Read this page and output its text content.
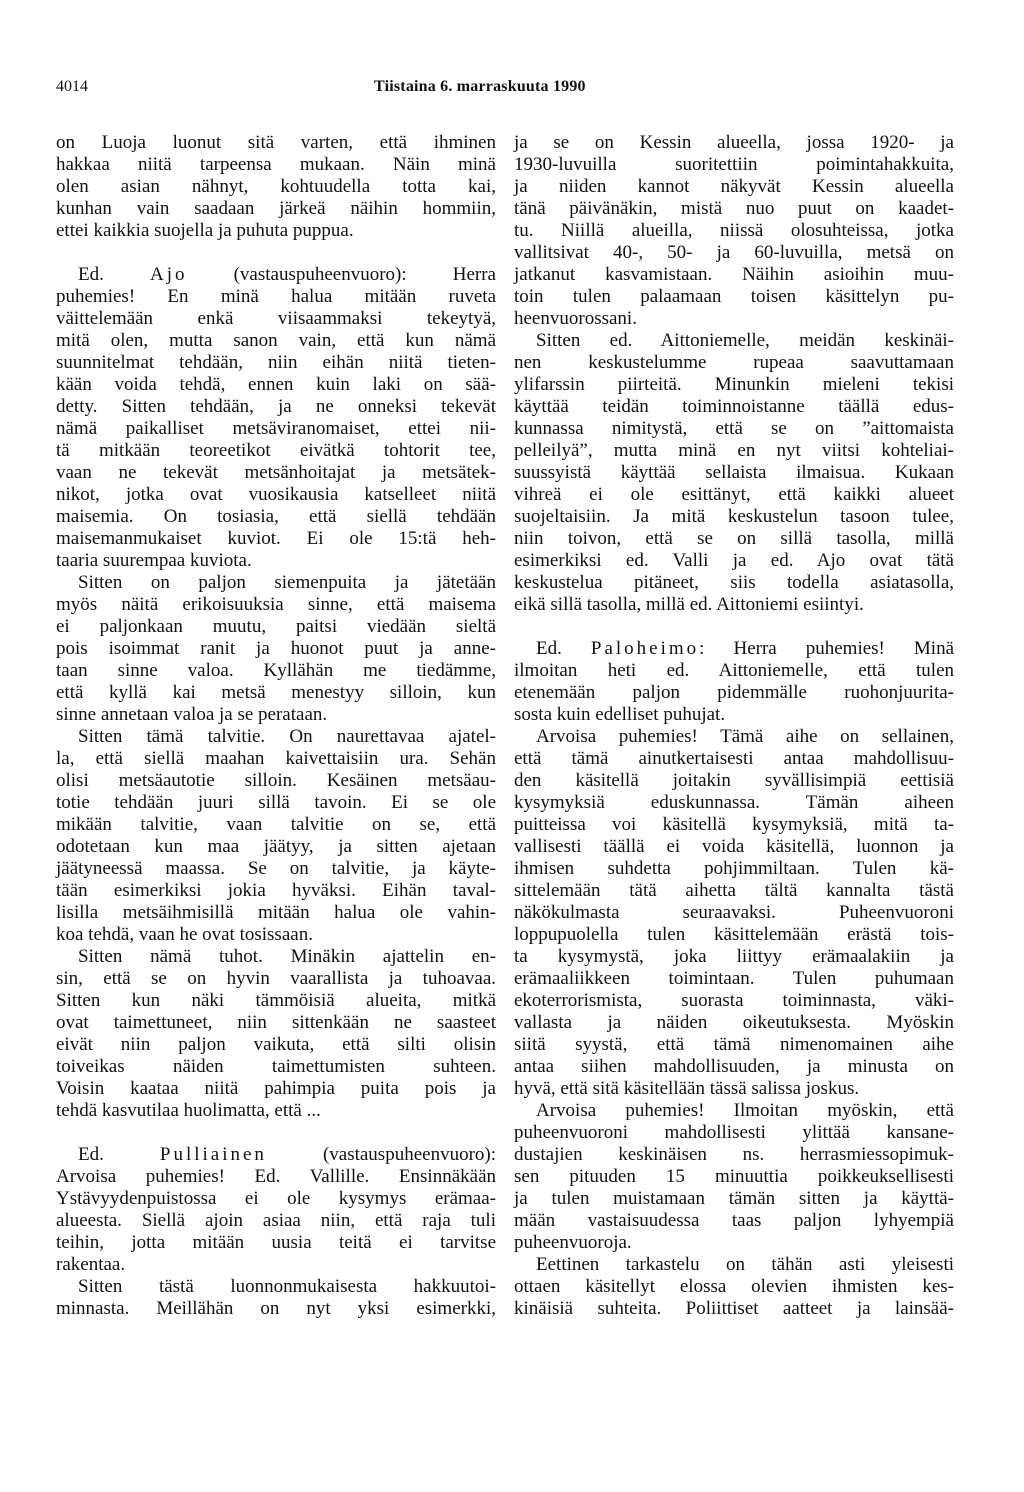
4014	Tiistaina 6. marraskuuta 1990
on Luoja luonut sitä varten, että ihminen
hakkaa niitä tarpeensa mukaan. Näin minä
olen asian nähnyt, kohtuudella totta kai,
kunhan vain saadaan järkeä näihin hommiin,
ettei kaikkia suojella ja puhuta puppua.
Ed. Ajo (vastauspuheenvuoro): Herra
puhemies! En minä halua mitään ruveta
väittelemään enkä viisaammaksi tekeytyä,
mitä olen, mutta sanon vain, että kun nämä
suunnitelmat tehdään, niin eihän niitä tieten-
kään voida tehdä, ennen kuin laki on sää-
detty. Sitten tehdään, ja ne onneksi tekevät
nämä paikalliset metsäviranomaiset, ettei nii-
tä mitkään teoreetikot eivätkä tohtorit tee,
vaan ne tekevät metsänhoitajat ja metsätek-
nikot, jotka ovat vuosikausia katselleet niitä
maisemia. On tosiasia, että siellä tehdään
maisemanmukaiset kuviot. Ei ole 15:tä heh-
taaria suurempaa kuviota.
Sitten on paljon siemenpuita ja jätetään
myös näitä erikoisuuksia sinne, että maisema
ei paljonkaan muutu, paitsi viedään sieltä
pois isoimmat ranit ja huonot puut ja anne-
taan sinne valoa. Kyllähän me tiedämme,
että kyllä kai metsä menestyy silloin, kun
sinne annetaan valoa ja se perataan.
Sitten tämä talvitie. On naurettavaa ajatel-
la, että siellä maahan kaivettaisiin ura. Sehän
olisi metsäautotie silloin. Kesäinen metsäau-
totie tehdään juuri sillä tavoin. Ei se ole
mikään talvitie, vaan talvitie on se, että
odotetaan kun maa jäätyy, ja sitten ajetaan
jäätyneessä maassa. Se on talvitie, ja käyte-
tään esimerkiksi jokia hyväksi. Eihän taval-
lisilla metsäihmisillä mitään halua ole vahin-
koa tehdä, vaan he ovat tosissaan.
Sitten nämä tuhot. Minäkin ajattelin en-
sin, että se on hyvin vaarallista ja tuhoavaa.
Sitten kun näki tämmöisiä alueita, mitkä
ovat taimettuneet, niin sittenkään ne saasteet
eivät niin paljon vaikuta, että silti olisin
toiveikas näiden taimettumisten suhteen.
Voisin kaataa niitä pahimpia puita pois ja
tehdä kasvutilaa huolimatta, että ...
Ed. Pulliainen (vastauspuheenvuoro):
Arvoisa puhemies! Ed. Vallille. Ensinnäkään
Ystävyydenpuistossa ei ole kysymys erämaa-
alueesta. Siellä ajoin asiaa niin, että raja tuli
teihin, jotta mitään uusia teitä ei tarvitse
rakentaa.
Sitten tästä luonnonmukaisesta hakkuutoi-
minnasta. Meillähän on nyt yksi esimerkki,
ja se on Kessin alueella, jossa 1920- ja
1930-luvuilla suoritettiin poimintahakkuita,
ja niiden kannot näkyvät Kessin alueella
tänä päivänäkin, mistä nuo puut on kaadet-
tu. Niillä alueilla, niissä olosuhteissa, jotka
vallitsivat 40-, 50- ja 60-luvuilla, metsä on
jatkanut kasvamistaan. Näihin asioihin muu-
toin tulen palaamaan toisen käsittelyn pu-
heenvuorossani.
Sitten ed. Aittoniemelle, meidän keskinäi-
nen keskustelumme rupeaa saavuttamaan
ylifarssin piirteitä. Minunkin mieleni tekisi
käyttää teidän toiminnoistanne täällä edus-
kunnassa nimitystä, että se on ”aittomaista
pelleilyä”, mutta minä en nyt viitsi kohteliai-
suussyistä käyttää sellaista ilmaisua. Kukaan
vihreä ei ole esittänyt, että kaikki alueet
suojeltaisiin. Ja mitä keskustelun tasoon tulee,
niin toivon, että se on sillä tasolla, millä
esimerkiksi ed. Valli ja ed. Ajo ovat tätä
keskustelua pitäneet, siis todella asiatasolla,
eikä sillä tasolla, millä ed. Aittoniemi esiintyi.
Ed. Paloheimo: Herra puhemies! Minä
ilmoitan heti ed. Aittoniemelle, että tulen
etenemään paljon pidemmälle ruohonjuurita-
sosta kuin edelliset puhujat.
Arvoisa puhemies! Tämä aihe on sellainen,
että tämä ainutkertaisesti antaa mahdollisuu-
den käsitellä joitakin syvällisimpiä eettisiä
kysymyksiä eduskunnassa. Tämän aiheen
puitteissa voi käsitellä kysymyksiä, mitä ta-
vallisesti täällä ei voida käsitellä, luonnon ja
ihmisen suhdetta pohjimmiltaan. Tulen kä-
sittelemään tätä aihetta tältä kannalta tästä
näkökulmasta seuraavaksi. Puheenvuoroni
loppupuolella tulen käsittelemään erästä tois-
ta kysymystä, joka liittyy erämaalakiin ja
erämaaliikkeen toimintaan. Tulen puhumaan
ekoterrorismista, suorasta toiminnasta, väki-
vallasta ja näiden oikeutuksesta. Myöskin
siitä syystä, että tämä nimenomainen aihe
antaa siihen mahdollisuuden, ja minusta on
hyvä, että sitä käsitellään tässä salissa joskus.
Arvoisa puhemies! Ilmoitan myöskin, että
puheenvuoroni mahdollisesti ylittää kansane-
dustajien keskinäisen ns. herrasmiessopimuk-
sen pituuden 15 minuuttia poikkeuksellisesti
ja tulen muistamaan tämän sitten ja käyttä-
mään vastaisuudessa taas paljon lyhyempiä
puheenvuoroja.
Eettinen tarkastelu on tähän asti yleisesti
ottaen käsitellyt elossa olevien ihmisten kes-
kinäisiä suhteita. Poliittiset aatteet ja lainsää-
